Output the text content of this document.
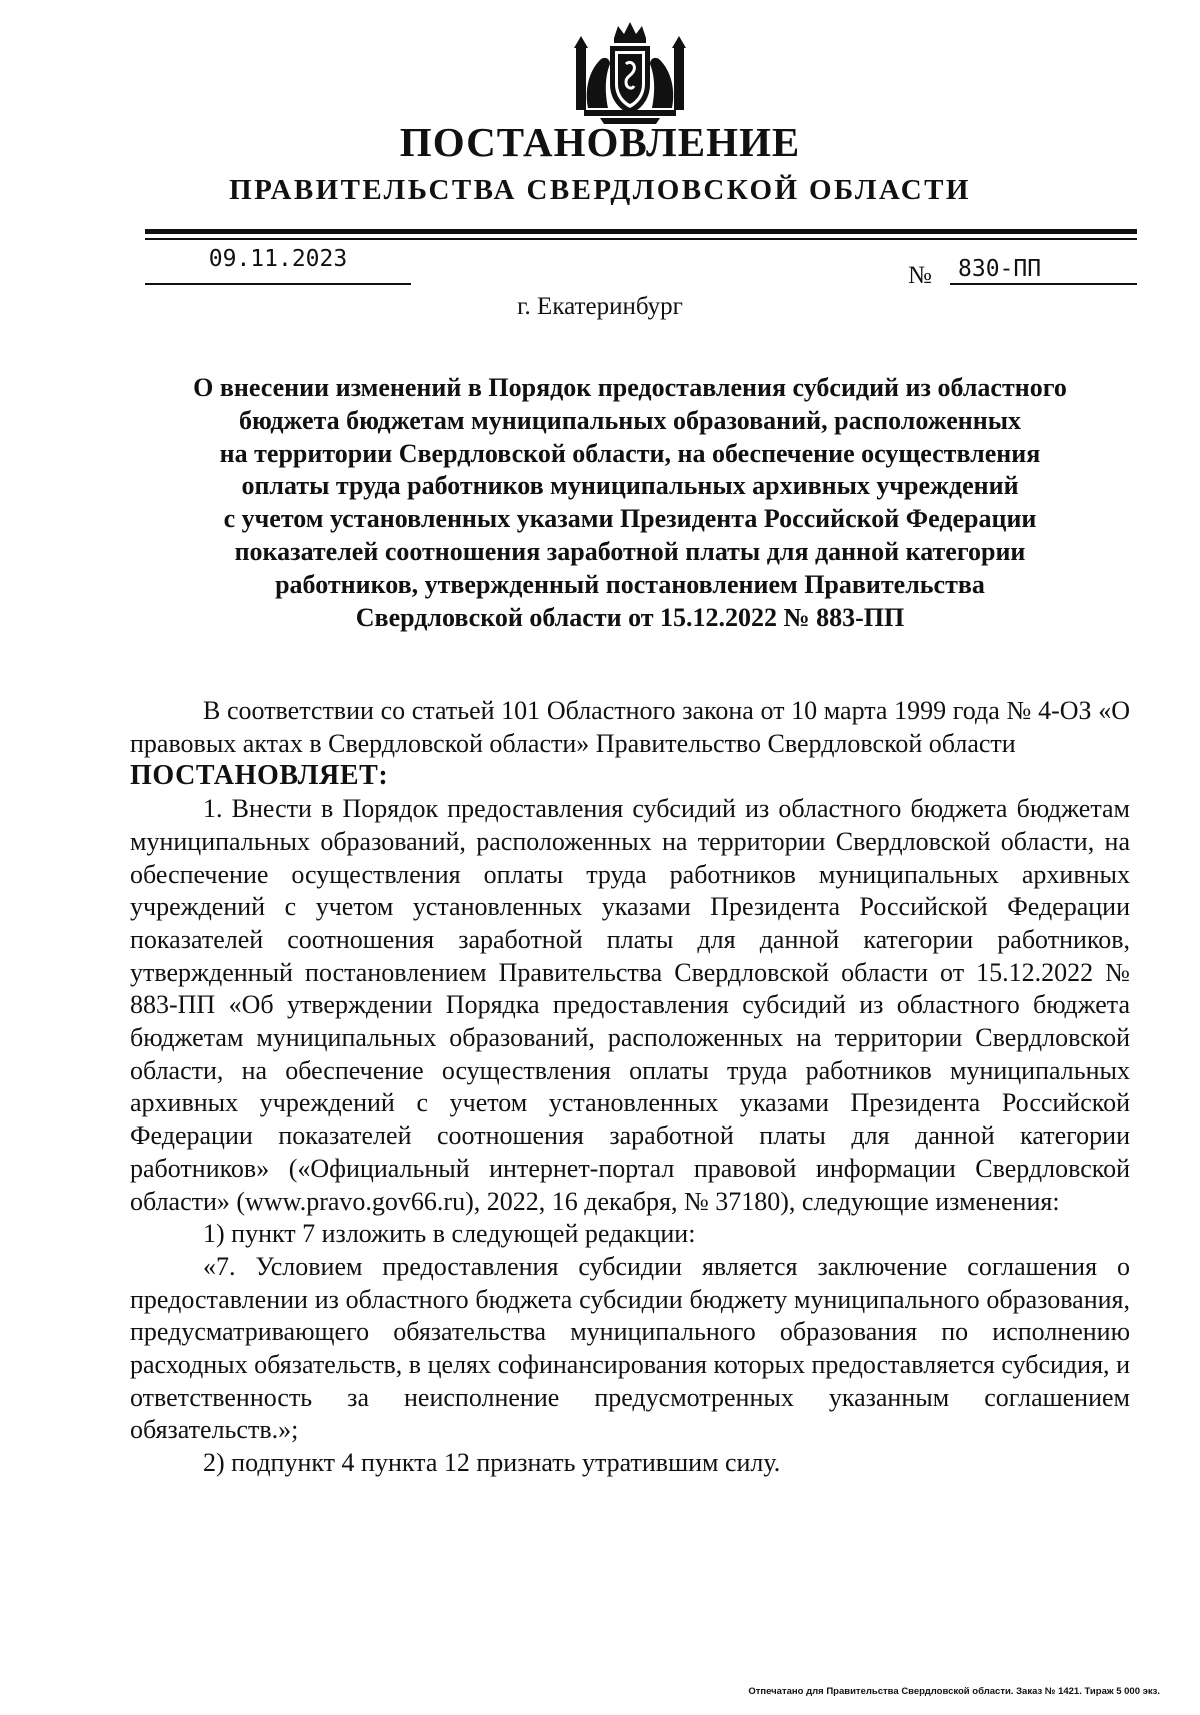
ПОСТАНОВЛЕНИЕ
ПРАВИТЕЛЬСТВА СВЕРДЛОВСКОЙ ОБЛАСТИ
09.11.2023
№	830-ПП
г. Екатеринбург
О внесении изменений в Порядок предоставления субсидий из областного
бюджета бюджетам муниципальных образований, расположенных
на территории Свердловской области, на обеспечение осуществления
оплаты труда работников муниципальных архивных учреждений
с учетом установленных указами Президента Российской Федерации
показателей соотношения заработной платы для данной категории
работников, утвержденный постановлением Правительства
Свердловской области от 15.12.2022 № 883-ПП

В соответствии со статьей 101 Областного закона от 10 марта 1999 года № 4-ОЗ «О правовых актах в Свердловской области» Правительство Свердловской области

ПОСТАНОВЛЯЕТ:

1. Внести в Порядок предоставления субсидий из областного бюджета бюджетам муниципальных образований, расположенных на территории Свердловской области, на обеспечение осуществления оплаты труда работников муниципальных архивных учреждений с учетом установленных указами Президента Российской Федерации показателей соотношения заработной платы для данной категории работников, утвержденный постановлением Правительства Свердловской области от 15.12.2022 № 883-ПП «Об утверждении Порядка предоставления субсидий из областного бюджета бюджетам муниципальных образований, расположенных на территории Свердловской области, на обеспечение осуществления оплаты труда работников муниципальных архивных учреждений с учетом установленных указами Президента Российской Федерации показателей соотношения заработной платы для данной категории работников» («Официальный интернет-портал правовой информации Свердловской области» (www.pravo.gov66.ru), 2022, 16 декабря, № 37180), следующие изменения:

1) пункт 7 изложить в следующей редакции:

«7. Условием предоставления субсидии является заключение соглашения о предоставлении из областного бюджета субсидии бюджету муниципального образования, предусматривающего обязательства муниципального образования по исполнению расходных обязательств, в целях софинансирования которых предоставляется субсидия, и ответственность за неисполнение предусмотренных указанным соглашением обязательств.»;

2) подпункт 4 пункта 12 признать утратившим силу.

Отпечатано для Правительства Свердловской области. Заказ № 1421. Тираж 5 000 экз.
